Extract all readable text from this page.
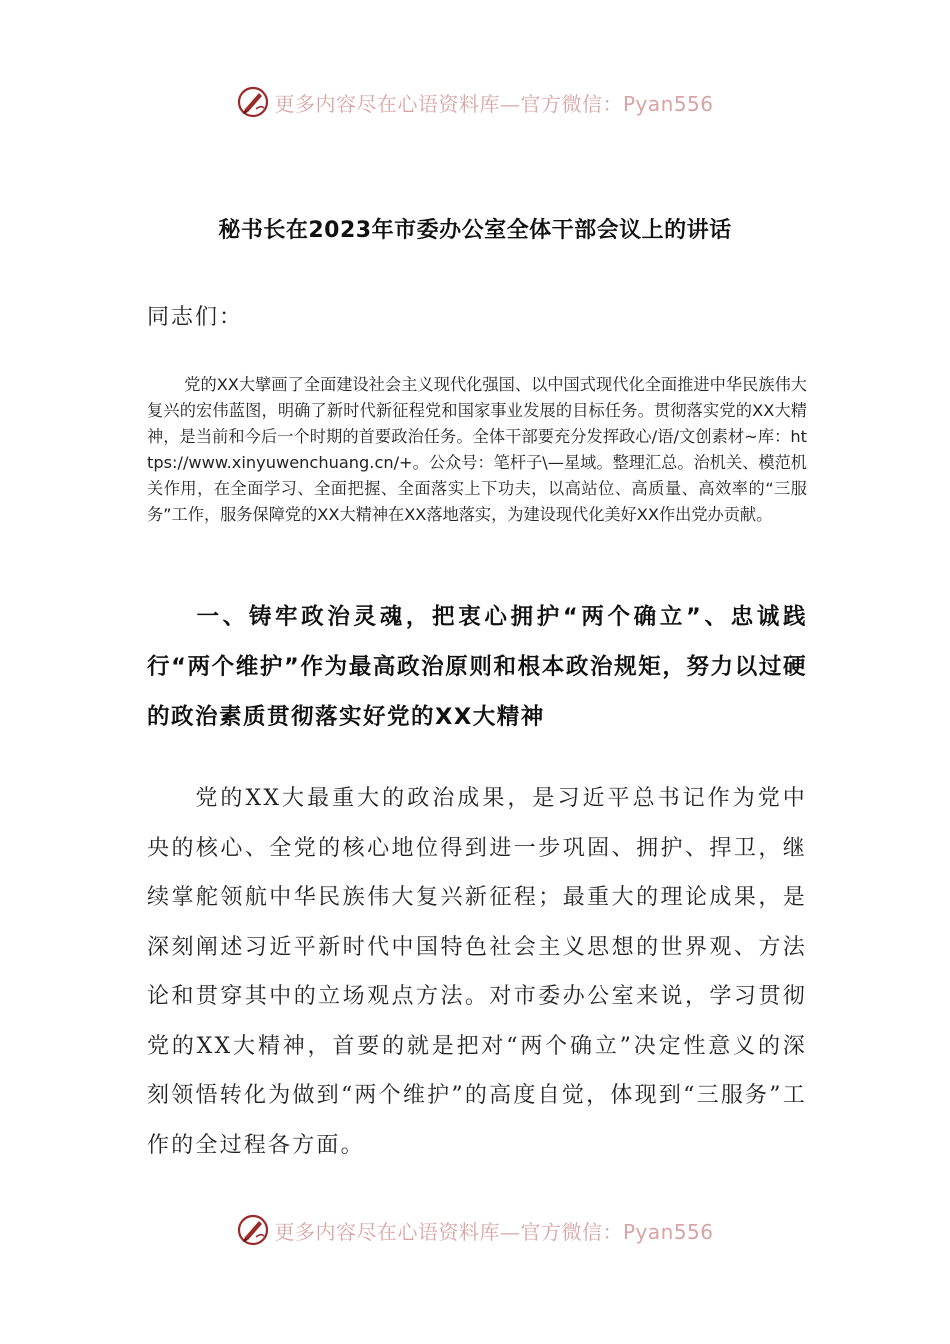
更多内容尽在心语资料库—官方微信：Pyan556
秘书长在2023年市委办公室全体干部会议上的讲话
同志们：
党的XX大擘画了全面建设社会主义现代化强国、以中国式现代化全面推进中华民族伟大复兴的宏伟蓝图，明确了新时代新征程党和国家事业发展的目标任务。贯彻落实党的XX大精神，是当前和今后一个时期的首要政治任务。全体干部要充分发挥政心/语/文创素材~库：https://www.xinyuwenchuang.cn/+。公众号：笔杆子\—星域。整理汇总。治机关、模范机关作用，在全面学习、全面把握、全面落实上下功夫，以高站位、高质量、高效率的“三服务”工作，服务保障党的XX大精神在XX落地落实，为建设现代化美好XX作出党办贡献。
一、铸牢政治灵魂，把衷心拥护“两个确立”、忠诚践行“两个维护”作为最高政治原则和根本政治规矩，努力以过硬的政治素质贯彻落实好党的XX大精神
党的XX大最重大的政治成果，是习近平总书记作为党中央的核心、全党的核心地位得到进一步巩固、拥护、捍卫，继续掌舵领航中华民族伟大复兴新征程；最重大的理论成果，是深刻阐述习近平新时代中国特色社会主义思想的世界观、方法论和贯穿其中的立场观点方法。对市委办公室来说，学习贯彻党的XX大精神，首要的就是把对“两个确立”决定性意义的深刻领悟转化为做到“两个维护”的高度自觉，体现到“三服务”工作的全过程各方面。
更多内容尽在心语资料库—官方微信：Pyan556
